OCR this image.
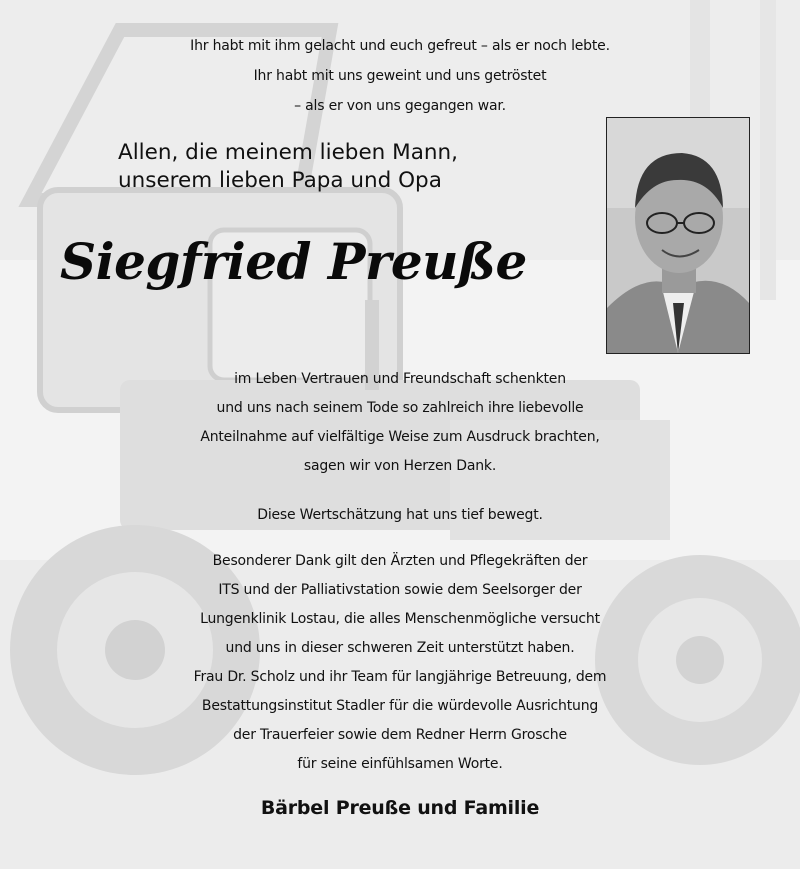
Ihr habt mit ihm gelacht und euch gefreut – als er noch lebte.
Ihr habt mit uns geweint und uns getröstet
– als er von uns gegangen war.
Allen, die meinem lieben Mann,
unserem lieben Papa und Opa
Siegfried Preuße
im Leben Vertrauen und Freundschaft schenkten
und uns nach seinem Tode so zahlreich ihre liebevolle
Anteilnahme auf vielfältige Weise zum Ausdruck brachten,
sagen wir von Herzen Dank.
Diese Wertschätzung hat uns tief bewegt.
Besonderer Dank gilt den Ärzten und Pflegekräften der
ITS und der Palliativstation sowie dem Seelsorger der
Lungenklinik Lostau, die alles Menschenmögliche versucht
und uns in dieser schweren Zeit unterstützt haben.
Frau Dr. Scholz und ihr Team für langjährige Betreuung, dem
Bestattungsinstitut Stadler für die würdevolle Ausrichtung
der Trauerfeier sowie dem Redner Herrn Grosche
für seine einfühlsamen Worte.
Bärbel Preuße und Familie
